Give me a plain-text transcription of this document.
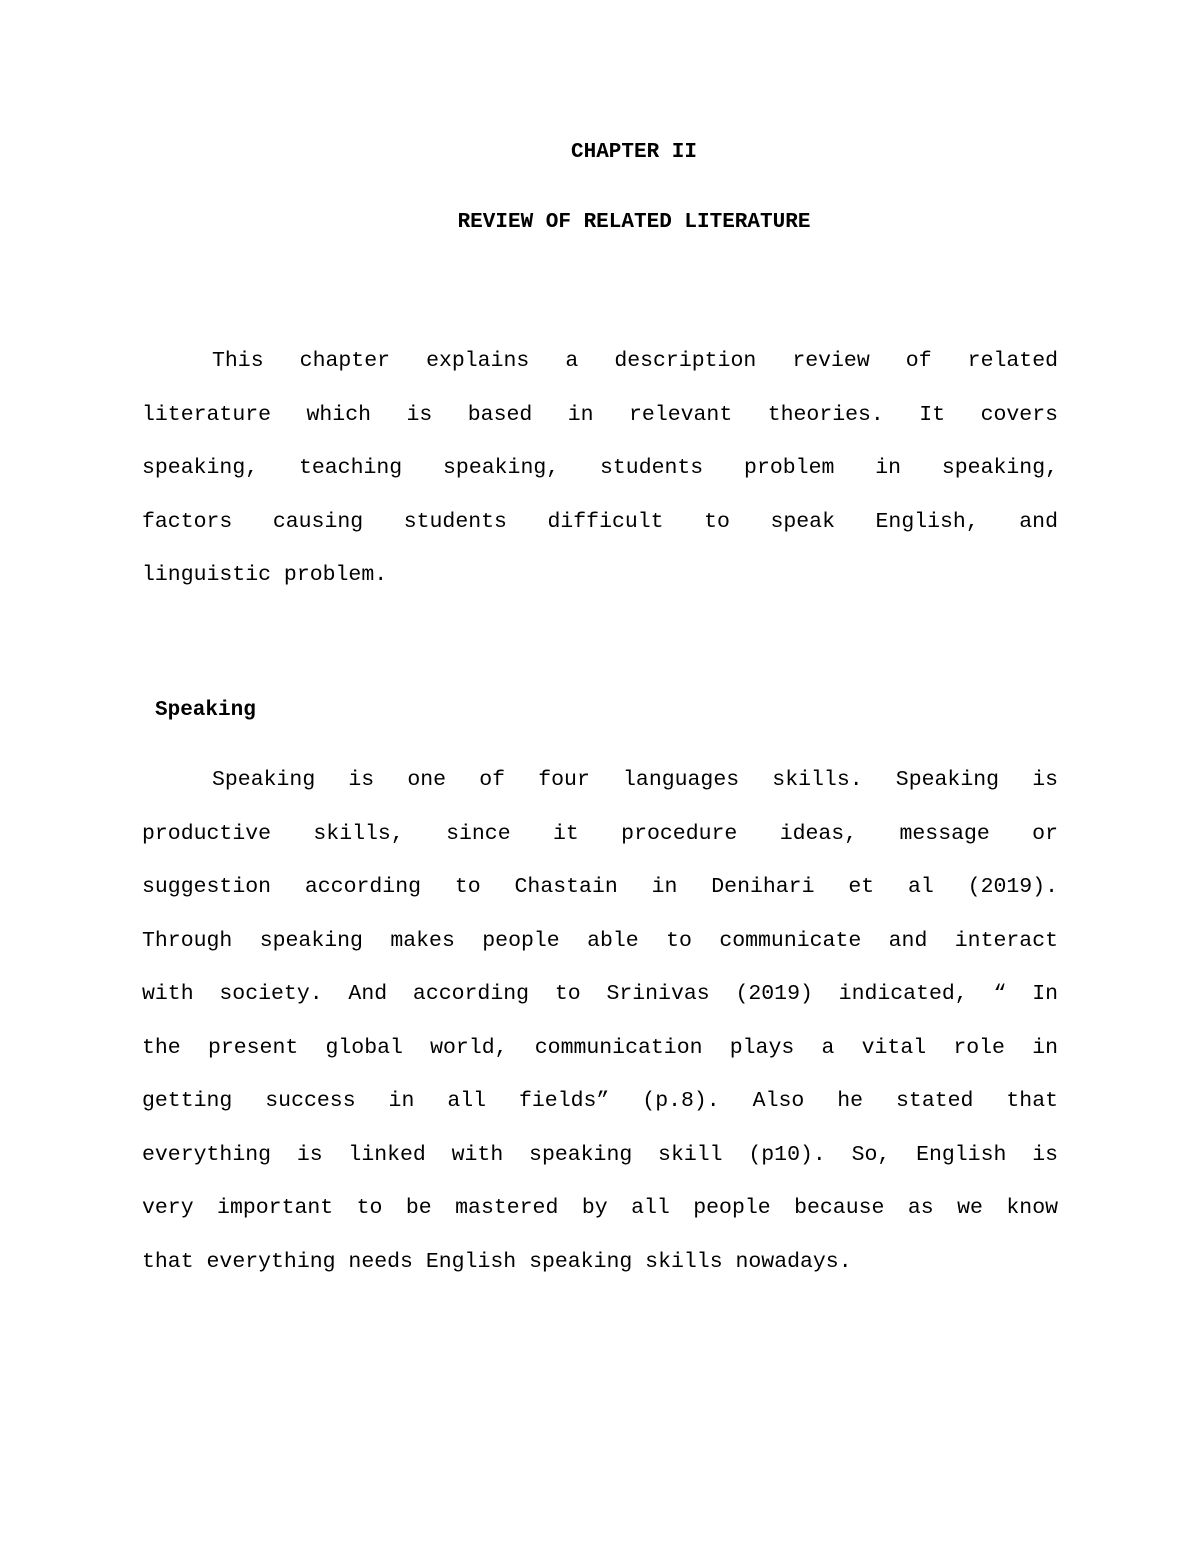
CHAPTER II
REVIEW OF RELATED LITERATURE
This chapter explains a description review of related
literature which is based in relevant theories. It covers
speaking, teaching speaking, students problem in speaking,
factors causing students difficult to speak English, and
linguistic problem.
Speaking
Speaking is one of four languages skills. Speaking is
productive skills, since it procedure ideas, message or
suggestion according to Chastain in Denihari et al (2019).
Through speaking makes people able to communicate and interact
with society. And according to Srinivas (2019) indicated, “ In
the present global world, communication plays a vital role in
getting success in all fields” (p.8). Also he stated that
everything is linked with speaking skill (p10). So, English is
very important to be mastered by all people because as we know
that everything needs English speaking skills nowadays.
